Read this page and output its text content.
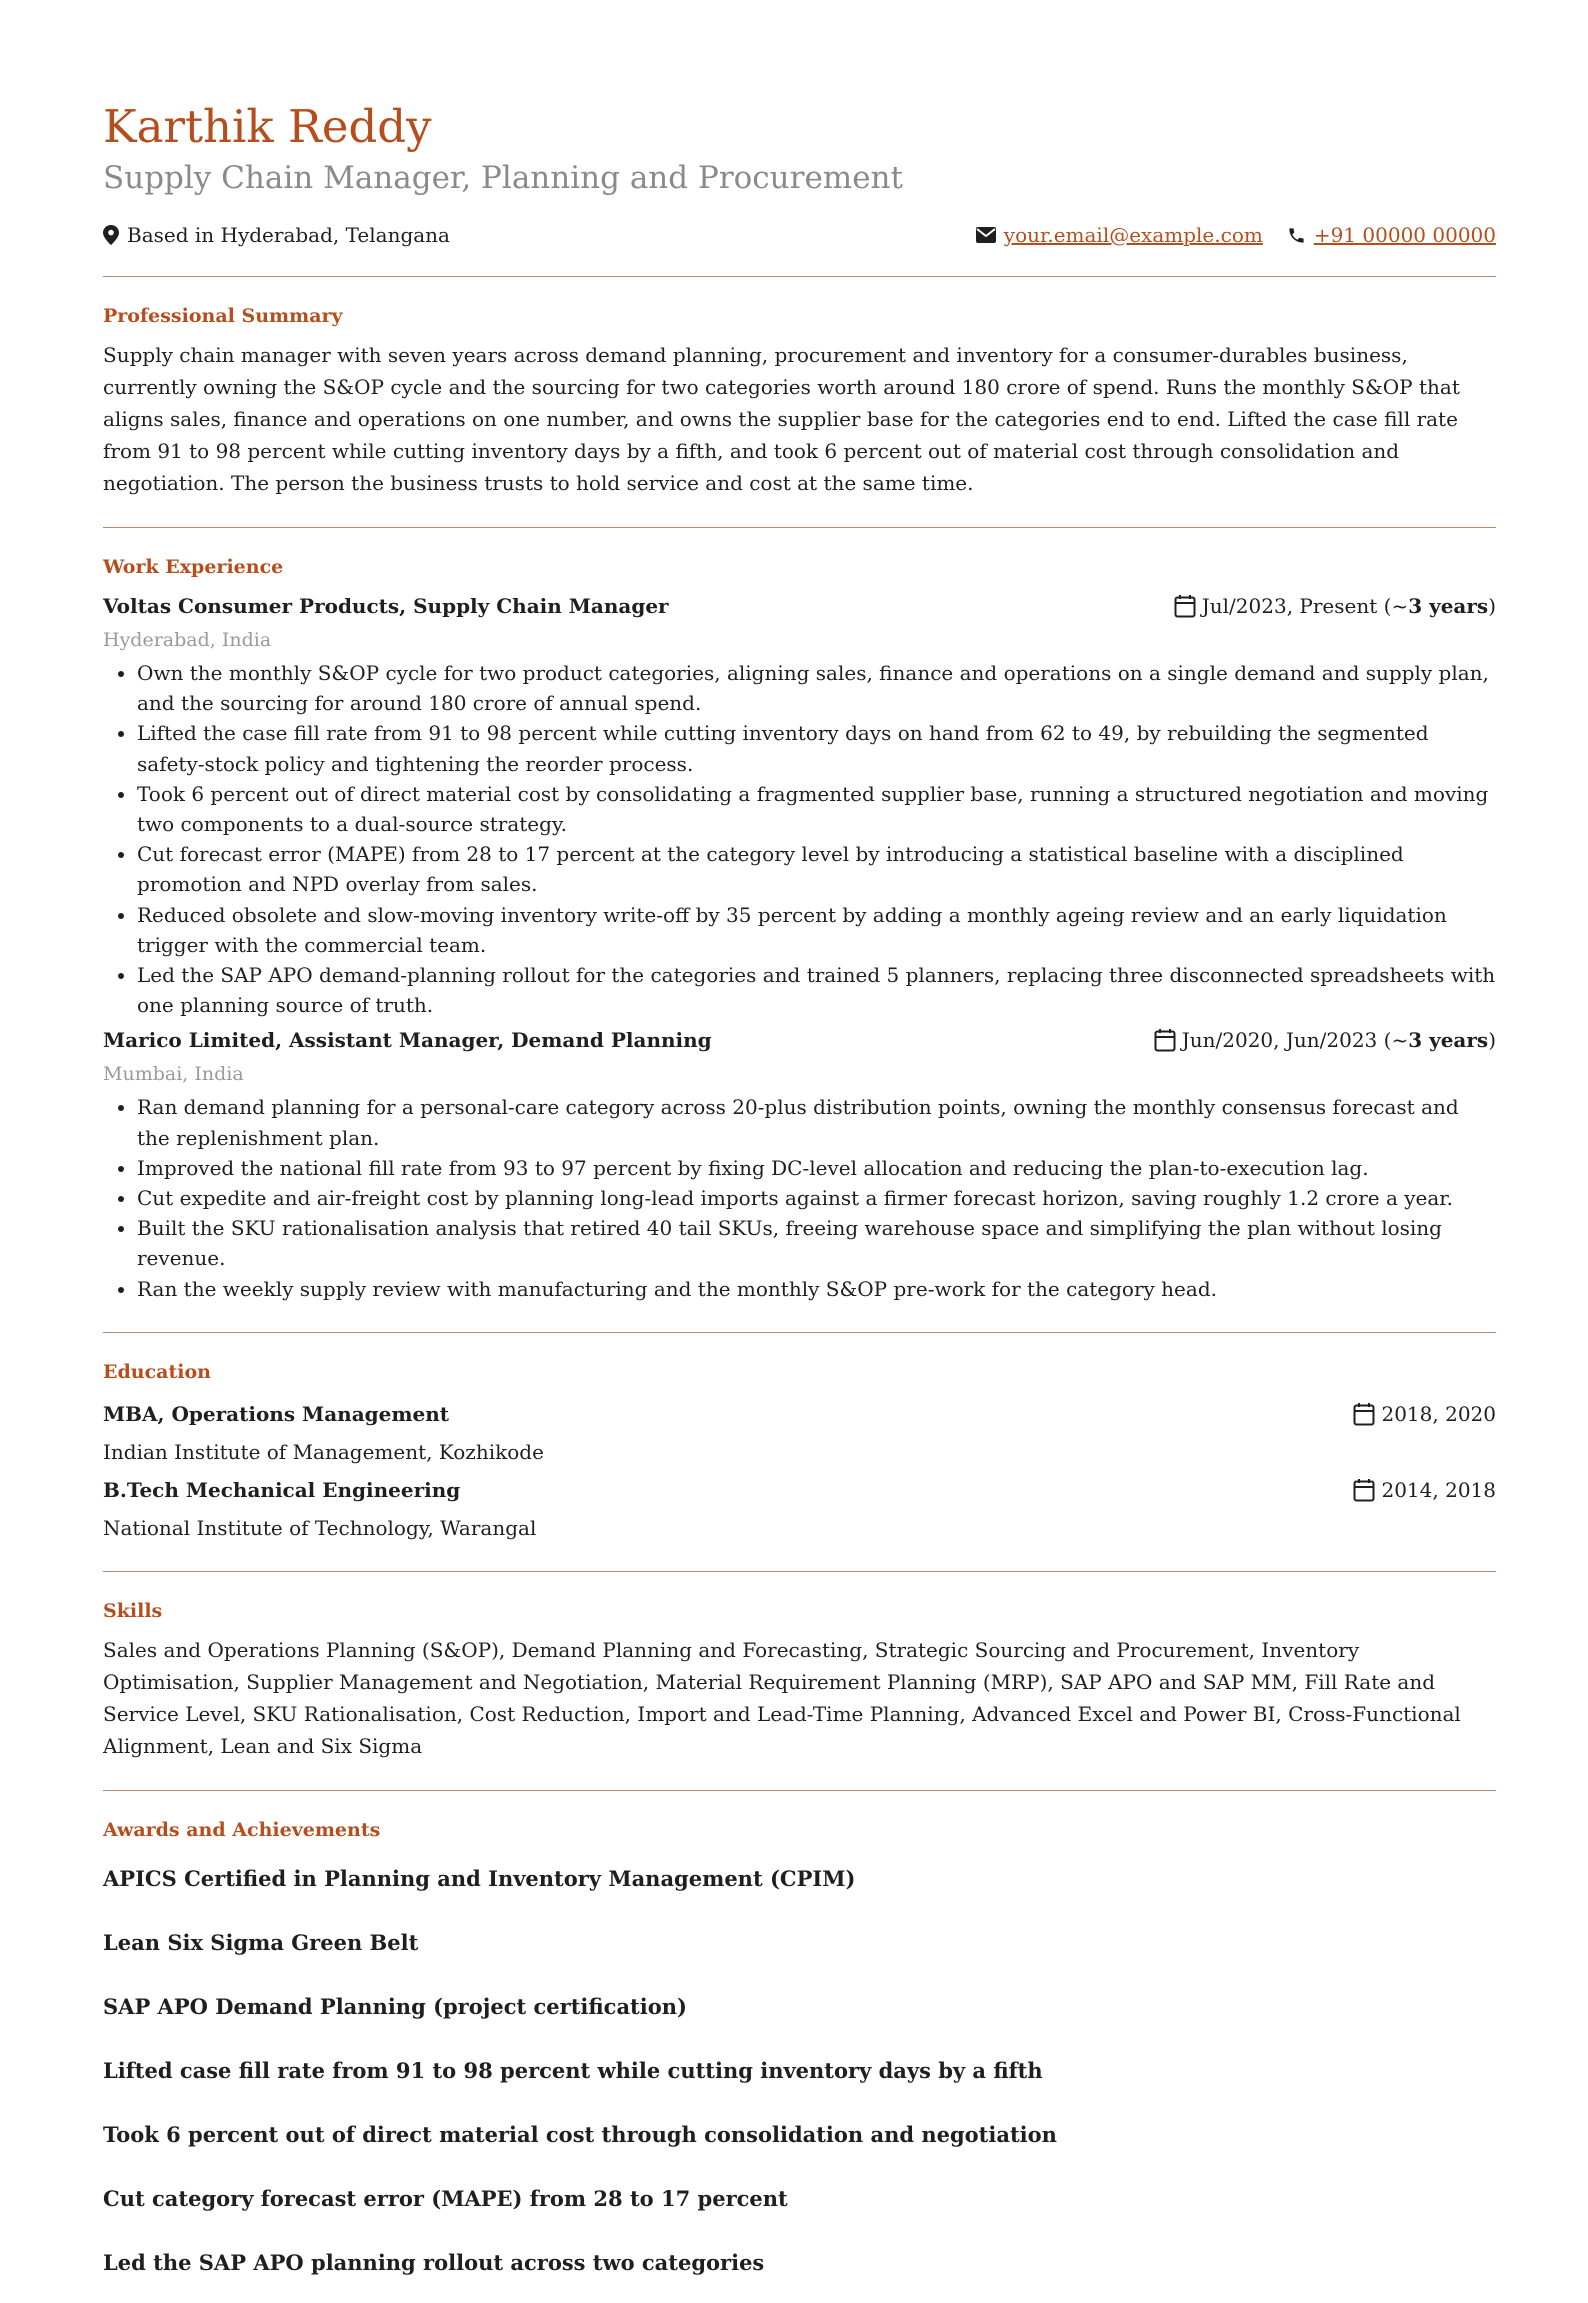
Karthik Reddy
Supply Chain Manager, Planning and Procurement
Based in Hyderabad, Telangana	your.email@example.com	+91 00000 00000
Professional Summary

Supply chain manager with seven years across demand planning, procurement and inventory for a consumer-durables business, currently owning the S&OP cycle and the sourcing for two categories worth around 180 crore of spend. Runs the monthly S&OP that aligns sales, finance and operations on one number, and owns the supplier base for the categories end to end. Lifted the case fill rate from 91 to 98 percent while cutting inventory days by a fifth, and took 6 percent out of material cost through consolidation and negotiation. The person the business trusts to hold service and cost at the same time.

Work Experience
Voltas Consumer Products, Supply Chain Manager	Jul/2023, Present (~ 3 years )
Hyderabad, India
• Own the monthly S&OP cycle for two product categories, aligning sales, finance and operations on a single demand and supply plan, and the sourcing for around 180 crore of annual spend.
• Lifted the case fill rate from 91 to 98 percent while cutting inventory days on hand from 62 to 49, by rebuilding the segmented safety-stock policy and tightening the reorder process.
• Took 6 percent out of direct material cost by consolidating a fragmented supplier base, running a structured negotiation and moving two components to a dual-source strategy.
• Cut forecast error (MAPE) from 28 to 17 percent at the category level by introducing a statistical baseline with a disciplined promotion and NPD overlay from sales.
• Reduced obsolete and slow-moving inventory write-off by 35 percent by adding a monthly ageing review and an early liquidation trigger with the commercial team.
• Led the SAP APO demand-planning rollout for the categories and trained 5 planners, replacing three disconnected spreadsheets with one planning source of truth.
Marico Limited, Assistant Manager, Demand Planning	Jun/2020, Jun/2023 (~ 3 years )
Mumbai, India
• Ran demand planning for a personal-care category across 20-plus distribution points, owning the monthly consensus forecast and the replenishment plan.
• Improved the national fill rate from 93 to 97 percent by fixing DC-level allocation and reducing the plan-to-execution lag.
• Cut expedite and air-freight cost by planning long-lead imports against a firmer forecast horizon, saving roughly 1.2 crore a year.
• Built the SKU rationalisation analysis that retired 40 tail SKUs, freeing warehouse space and simplifying the plan without losing revenue.
• Ran the weekly supply review with manufacturing and the monthly S&OP pre-work for the category head.
Education
MBA, Operations Management	2018, 2020
Indian Institute of Management, Kozhikode
B.Tech Mechanical Engineering	2014, 2018
National Institute of Technology, Warangal
Skills

Sales and Operations Planning (S&OP), Demand Planning and Forecasting, Strategic Sourcing and Procurement, Inventory Optimisation, Supplier Management and Negotiation, Material Requirement Planning (MRP), SAP APO and SAP MM, Fill Rate and Service Level, SKU Rationalisation, Cost Reduction, Import and Lead-Time Planning, Advanced Excel and Power BI, Cross-Functional Alignment, Lean and Six Sigma

Awards and Achievements

APICS Certified in Planning and Inventory Management (CPIM)

Lean Six Sigma Green Belt

SAP APO Demand Planning (project certification)

Lifted case fill rate from 91 to 98 percent while cutting inventory days by a fifth

Took 6 percent out of direct material cost through consolidation and negotiation

Cut category forecast error (MAPE) from 28 to 17 percent

Led the SAP APO planning rollout across two categories
